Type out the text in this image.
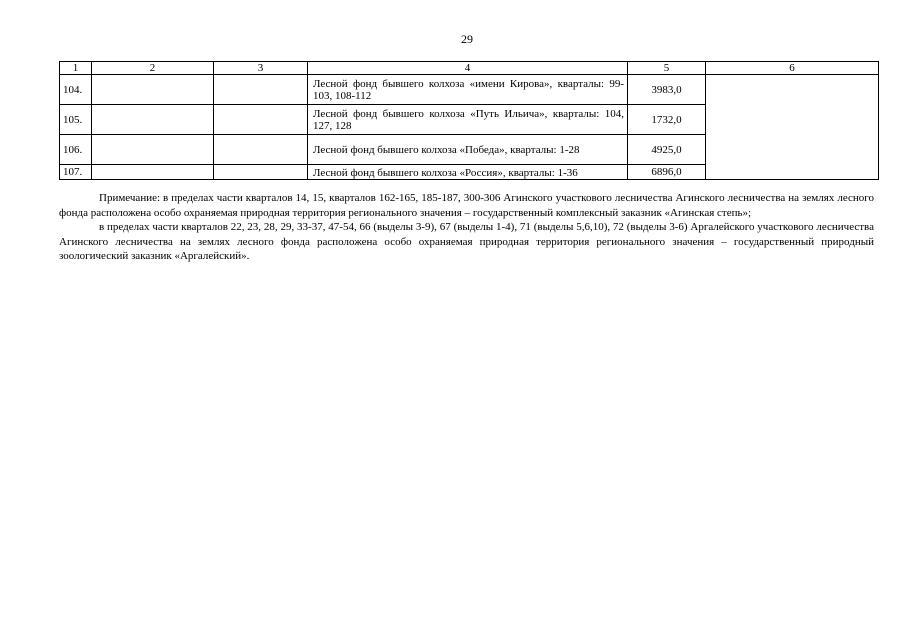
29
1	2	3	4	5	6
104.			Лесной фонд бывшего колхоза «имени Кирова», кварталы: 99-103, 108-112	3983,0	
105.			Лесной фонд бывшего колхоза «Путь Ильича», кварталы: 104, 127, 128	1732,0	
106.			Лесной фонд бывшего колхоза «Победа», кварталы: 1-28	4925,0	
107.			Лесной фонд бывшего колхоза «Россия», кварталы: 1-36	6896,0	

Примечание: в пределах части кварталов 14, 15, кварталов 162-165, 185-187, 300-306 Агинского участкового лесничества Агинского лесничества на землях лесного фонда расположена особо охраняемая природная территория регионального значения – государственный комплексный заказник «Агинская степь»;

в пределах части кварталов 22, 23, 28, 29, 33-37, 47-54, 66 (выделы 3-9), 67 (выделы 1-4), 71 (выделы 5,6,10), 72 (выделы 3-6) Аргалейского участкового лесничества Агинского лесничества на землях лесного фонда расположена особо охраняемая природная территория регионального значения – государственный природный зоологический заказник «Аргалейский».
